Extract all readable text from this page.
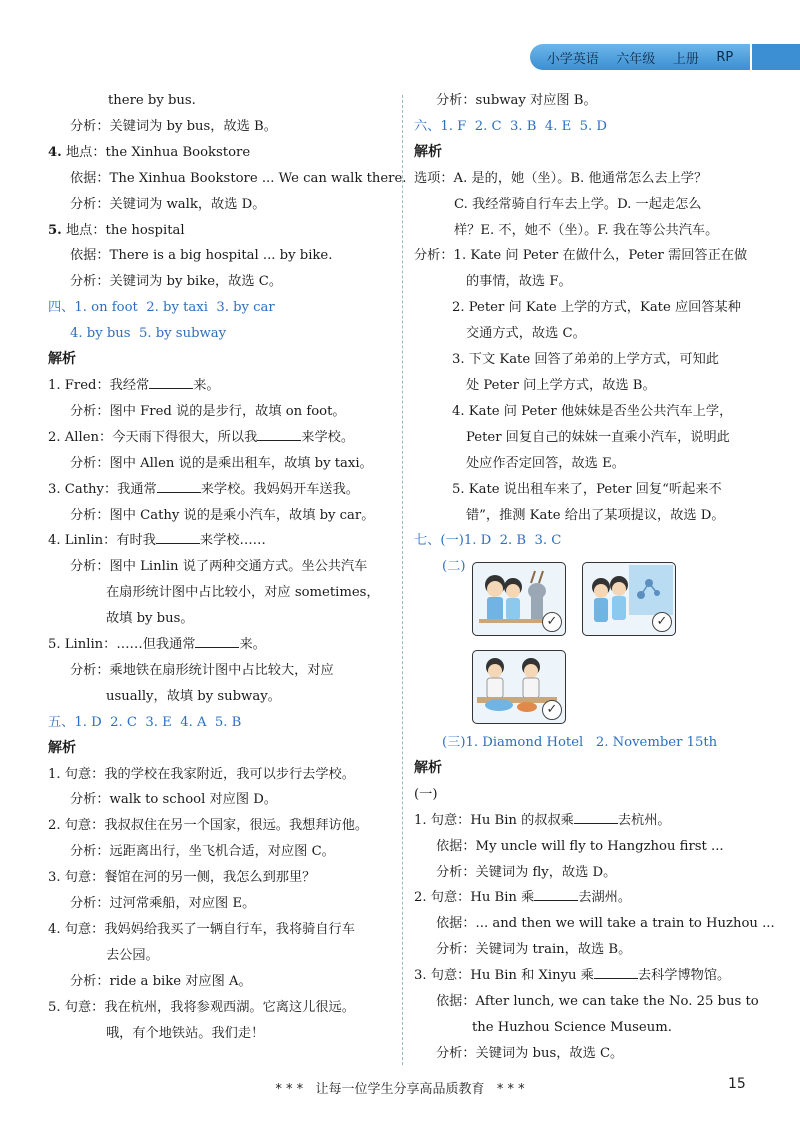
小学英语 六年级 上册 RP
there by bus.
分析：关键词为 by bus，故选 B。
4. 地点：the Xinhua Bookstore
依据：The Xinhua Bookstore ... We can walk there.
分析：关键词为 walk，故选 D。
5. 地点：the hospital
依据：There is a big hospital ... by bike.
分析：关键词为 by bike，故选 C。
四、1. on foot 2. by taxi 3. by car
4. by bus 5. by subway
解析
1. Fred：我经常	来。
分析：图中 Fred 说的是步行，故填 on foot。
2. Allen：今天雨下得很大，所以我	来学校。
分析：图中 Allen 说的是乘出租车，故填 by taxi。
3. Cathy：我通常	来学校。我妈妈开车送我。
分析：图中 Cathy 说的是乘小汽车，故填 by car。
4. Linlin：有时我	来学校……
分析：图中 Linlin 说了两种交通方式。坐公共汽车
在扇形统计图中占比较小，对应 sometimes，
故填 by bus。
5. Linlin：……但我通常	来。
分析：乘地铁在扇形统计图中占比较大，对应
usually，故填 by subway。
五、1. D 2. C 3. E 4. A 5. B
解析
1. 句意：我的学校在我家附近，我可以步行去学校。
分析：walk to school 对应图 D。
2. 句意：我叔叔住在另一个国家，很远。我想拜访他。
分析：远距离出行，坐飞机合适，对应图 C。
3. 句意：餐馆在河的另一侧，我怎么到那里？
分析：过河常乘船，对应图 E。
4. 句意：我妈妈给我买了一辆自行车，我将骑自行车
去公园。
分析：ride a bike 对应图 A。
5. 句意：我在杭州，我将参观西湖。它离这儿很远。
哦，有个地铁站。我们走！
分析：subway 对应图 B。
六、1. F 2. C 3. B 4. E 5. D
解析
选项：A. 是的，她（坐）。B. 他通常怎么去上学？
C. 我经常骑自行车去上学。D. 一起走怎么
样？E. 不，她不（坐）。F. 我在等公共汽车。
分析：1. Kate 问 Peter 在做什么，Peter 需回答正在做
的事情，故选 F。
2. Peter 问 Kate 上学的方式，Kate 应回答某种
交通方式，故选 C。
3. 下文 Kate 回答了弟弟的上学方式，可知此
处 Peter 问上学方式，故选 B。
4. Kate 问 Peter 他妹妹是否坐公共汽车上学，
Peter 回复自己的妹妹一直乘小汽车，说明此
处应作否定回答，故选 E。
5. Kate 说出租车来了，Peter 回复“听起来不
错”，推测 Kate 给出了某项提议，故选 D。
七、(一)1. D 2. B 3. C
(二)
✓	✓
✓
(三)1. Diamond Hotel 2. November 15th
解析
(一)
1. 句意：Hu Bin 的叔叔乘	去杭州。
依据：My uncle will fly to Hangzhou first ...
分析：关键词为 fly，故选 D。
2. 句意：Hu Bin 乘	去湖州。
依据：... and then we will take a train to Huzhou ...
分析：关键词为 train，故选 B。
3. 句意：Hu Bin 和 Xinyu 乘	去科学博物馆。
依据：After lunch, we can take the No. 25 bus to
the Huzhou Science Museum.
分析：关键词为 bus，故选 C。
* * * 让每一位学生分享高品质教育 * * *	15
